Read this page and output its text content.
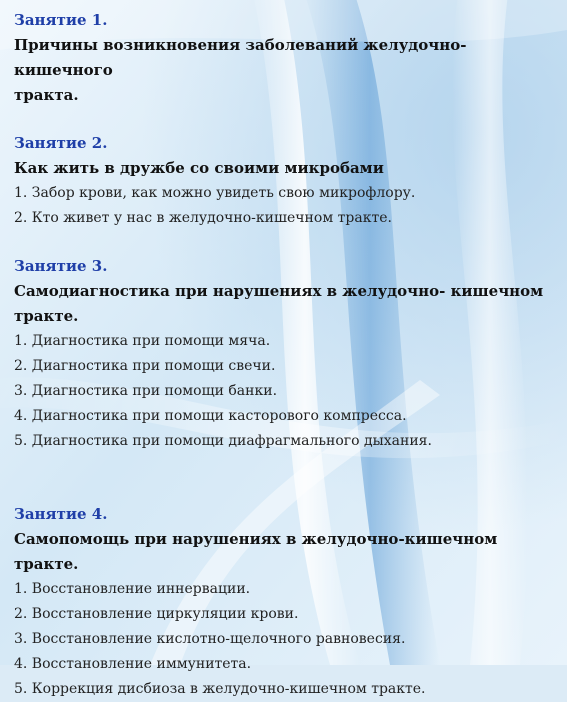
Занятие 1.
Причины возникновения заболеваний желудочно-кишечного
тракта.
Занятие 2.
Как жить в дружбе со своими микробами
1. Забор крови, как можно увидеть свою микрофлору.
2. Кто живет у нас в желудочно-кишечном тракте.
Занятие 3.
Самодиагностика при нарушениях в желудочно- кишечном
тракте.
1. Диагностика при помощи мяча.
2. Диагностика при помощи свечи.
3. Диагностика при помощи банки.
4. Диагностика при помощи касторового компресса.
5. Диагностика при помощи диафрагмального дыхания.
Занятие 4.
Самопомощь при нарушениях в желудочно-кишечном тракте.
1. Восстановление иннервации.
2. Восстановление циркуляции крови.
3. Восстановление кислотно-щелочного равновесия.
4. Восстановление иммунитета.
5. Коррекция дисбиоза в желудочно-кишечном тракте.
